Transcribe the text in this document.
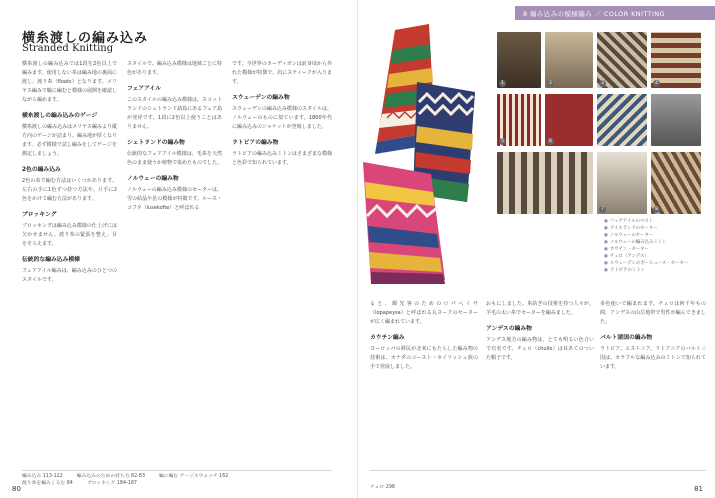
8 編み込みの模様編み ／ COLOR KNITTING
横糸渡しの編み込み
Stranded Knitting

横糸渡しの編み込みでは1段を2色以上で編みます。使用しない糸は編み地の裏面に渡し、渡り糸（floats）となります。メリヤス編みで輪に編むと模様の展開を確認しながら編めます。

横糸渡しの編み込みのゲージ

横糸渡しの編み込みはメリヤス編みより縦方向のゲージが詰まり、編み地が厚くなります。必ず模様で試し編みをしてゲージを測定しましょう。

2色の編み込み

2色の糸で編む方法はいくつかあります。左右の手に1色ずつ持つ方法や、片手に2色をかけて編む方法があります。

ブロッキング

ブロッキングは編み込み模様の仕上げには欠かせません。渡り糸の緊張を整え、目をそろえます。

伝統的な編み込み模様

フェアアイル編みは、編み込みのひとつのスタイルです。

スタイルで、編み込み模様は地域ごとに特色があります。

フェアアイル

このスタイルの編み込み模様は、スコットランドのシェトランド諸島にあるフェア島が発祥です。1段に2色以上使うことはありません。

シェトランドの編み物

伝統的なフェアアイル模様は、毛糸を天然色のまま使うか植物で染めたものでした。

ノルウェーの編み物

ノルウェーの編み込み模様のセーターは、雪の結晶や星の模様が特徴です。ルース・コフタ（lusekofte）と呼ばれる

です。全世界のカーディガンは前身頃から外れた模様が特徴で、肩にスティークが入ります。

スウェーデンの編み物

スウェーデンの編み込み模様のスタイルは、ノルウェーのものに似ています。1800年代に編み込みのジャケットが登場しました。

ラトビアの編み物

ラトビアの編み込みミトンはさまざまな模様と色彩で知られています。

編み込み 113-122	編み込みのための持ち方 82-83	輪に編む ゲージスウォッチ 162
渡り糸を編みくるむ 84	ブロッキング 184-187
80
1	2	3	4
5	6
7	8
● フェアアイルのベスト
● アイスランドのセーター
● ノルウェーのセーター
● ノルウェーの編み込みミトン
● カウチン・セーター
● チュロ（アンデス）
● スウェーデンのボーヒュース・セーター
● ラトビアのミトン

ると、観光客のためのロパペイサ（lopapeysa）と呼ばれる丸ヨークのセーターが広く編まれています。

カウチン編み

ヨーロッパの移民が北米にもたらした編み物の技術は、カナダのコースト・セイリッシュ族の手で発展しました。

おもにしました。糸紡ぎの技術を持つ人々が、羊毛の太い糸でセーターを編みました。

アンデスの編み物

アンデス地方の編み物は、とても明るい色合いで有名です。チュロ（chullo）は耳あてのついた帽子です。

多色使いで編まれます。チュロは何千年もの間、アンデスの山岳地帯で男性が編んできました。

バルト諸国の編み物

ラトビア、エストニア、リトアニアのバルト三国は、カラフルな編み込みのミトンで知られています。

チュロ 298	81
